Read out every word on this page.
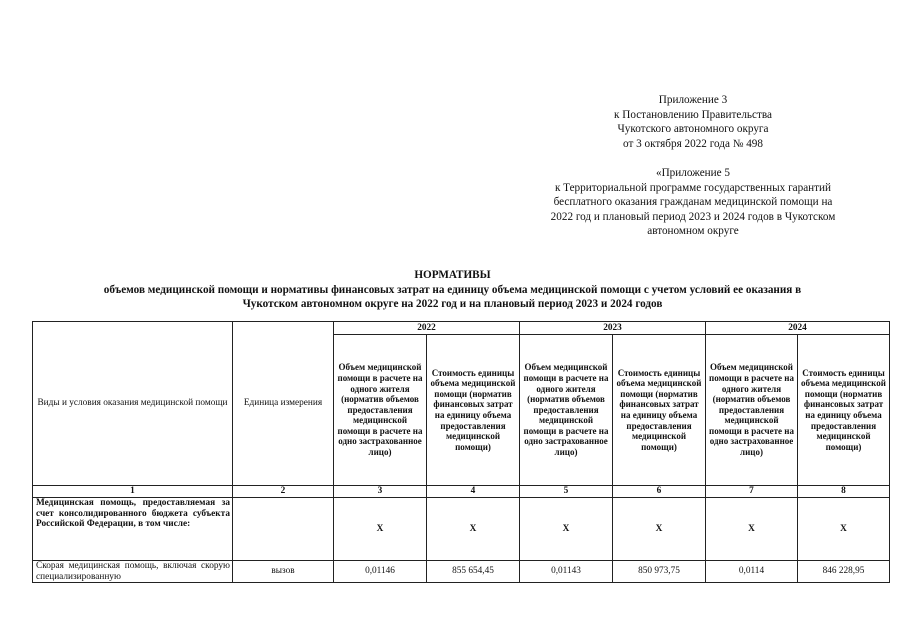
Приложение 3
к Постановлению Правительства
Чукотского автономного округа
от 3 октября 2022 года № 498
«Приложение 5
к Территориальной программе государственных гарантий
бесплатного оказания гражданам медицинской помощи на
2022 год и плановый период 2023 и 2024 годов в Чукотском
автономном округе
НОРМАТИВЫ
объемов медицинской помощи и нормативы финансовых затрат на единицу объема медицинской помощи с учетом условий ее оказания в
Чукотском автономном округе на 2022 год и на плановый период 2023 и 2024 годов
Виды и условия оказания медицинской помощи	Единица измерения	2022		2023		2024	
		Объем медицинской помощи в расчете на одного жителя (норматив объемов предоставления медицинской помощи в расчете на одно застрахованное лицо)	Стоимость единицы объема медицинской помощи (норматив финансовых затрат на единицу объема предоставления медицинской помощи)	Объем медицинской помощи в расчете на одного жителя (норматив объемов предоставления медицинской помощи в расчете на одно застрахованное лицо)	Стоимость единицы объема медицинской помощи (норматив финансовых затрат на единицу объема предоставления медицинской помощи)	Объем медицинской помощи в расчете на одного жителя (норматив объемов предоставления медицинской помощи в расчете на одно застрахованное лицо)	Стоимость единицы объема медицинской помощи (норматив финансовых затрат на единицу объема предоставления медицинской помощи)
1	2	3	4	5	6	7	8
Медицинская помощь, предоставляемая за счет консолидированного бюджета субъекта Российской Федерации, в том числе:		Х	Х	Х	Х	Х	Х
Скорая медицинская помощь, включая скорую специализированную	вызов	0,01146	855 654,45	0,01143	850 973,75	0,0114	846 228,95
